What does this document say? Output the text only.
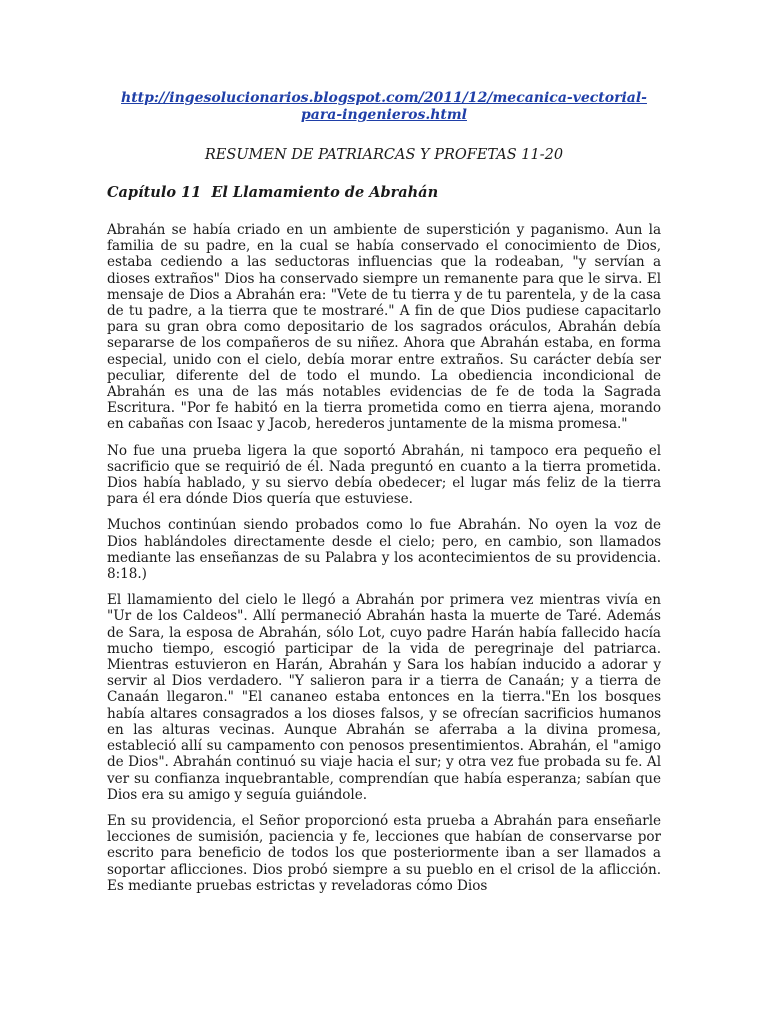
http://ingesolucionarios.blogspot.com/2011/12/mecanica-vectorial-para-ingenieros.html
RESUMEN DE PATRIARCAS Y PROFETAS 11-20
Capítulo 11  El Llamamiento de Abrahán

Abrahán se había criado en un ambiente de superstición y paganismo. Aun la familia de su padre, en la cual se había conservado el conocimiento de Dios, estaba cediendo a las seductoras influencias que la rodeaban, "y servían a dioses extraños" Dios ha conservado siempre un remanente para que le sirva. El mensaje de Dios a Abrahán era: "Vete de tu tierra y de tu parentela, y de la casa de tu padre, a la tierra que te mostraré." A fin de que Dios pudiese capacitarlo para su gran obra como depositario de los sagrados oráculos, Abrahán debía separarse de los compañeros de su niñez. Ahora que Abrahán estaba, en forma especial, unido con el cielo, debía morar entre extraños. Su carácter debía ser peculiar, diferente del de todo el mundo. La obediencia incondicional de Abrahán es una de las más notables evidencias de fe de toda la Sagrada Escritura. "Por fe habitó en la tierra prometida como en tierra ajena, morando en cabañas con Isaac y Jacob, herederos juntamente de la misma promesa."

No fue una prueba ligera la que soportó Abrahán, ni tampoco era pequeño el sacrificio que se requirió de él. Nada preguntó en cuanto a la tierra prometida. Dios había hablado, y su siervo debía obedecer; el lugar más feliz de la tierra para él era dónde Dios quería que estuviese.

Muchos continúan siendo probados como lo fue Abrahán. No oyen la voz de Dios hablándoles directamente desde el cielo; pero, en cambio, son llamados mediante las enseñanzas de su Palabra y los acontecimientos de su providencia. 8:18.)

El llamamiento del cielo le llegó a Abrahán por primera vez mientras vivía en "Ur de los Caldeos". Allí permaneció Abrahán hasta la muerte de Taré. Además de Sara, la esposa de Abrahán, sólo Lot, cuyo padre Harán había fallecido hacía mucho tiempo, escogió participar de la vida de peregrinaje del patriarca. Mientras estuvieron en Harán, Abrahán y Sara los habían inducido a adorar y servir al Dios verdadero. "Y salieron para ir a tierra de Canaán; y a tierra de Canaán llegaron." "El cananeo estaba entonces en la tierra."En los bosques había altares consagrados a los dioses falsos, y se ofrecían sacrificios humanos en las alturas vecinas. Aunque Abrahán se aferraba a la divina promesa, estableció allí su campamento con penosos presentimientos. Abrahán, el "amigo de Dios". Abrahán continuó su viaje hacia el sur; y otra vez fue probada su fe. Al ver su confianza inquebrantable, comprendían que había esperanza; sabían que Dios era su amigo y seguía guiándole.

En su providencia, el Señor proporcionó esta prueba a Abrahán para enseñarle lecciones de sumisión, paciencia y fe, lecciones que habían de conservarse por escrito para beneficio de todos los que posteriormente iban a ser llamados a soportar aflicciones. Dios probó siempre a su pueblo en el crisol de la aflicción. Es mediante pruebas estrictas y reveladoras cómo Dios
